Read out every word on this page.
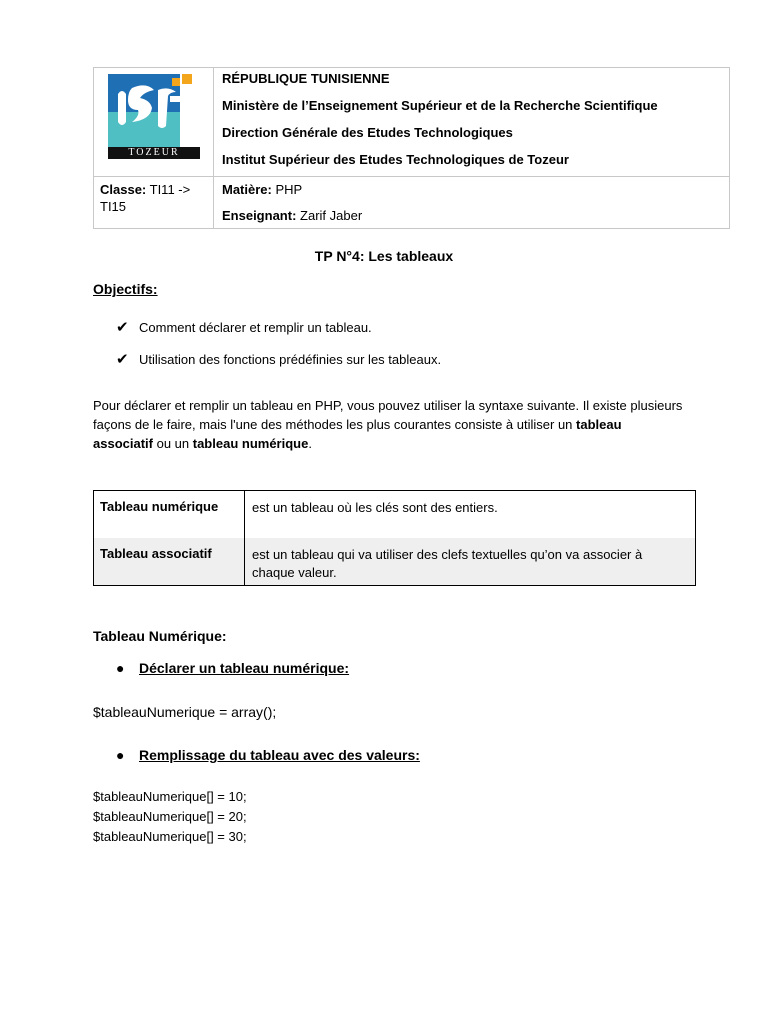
TOZEUR
RÉPUBLIQUE TUNISIENNE
Ministère de l’Enseignement Supérieur et de la Recherche Scientifique
Direction Générale des Etudes Technologiques
Institut Supérieur des Etudes Technologiques de Tozeur
Classe: TI11 -> TI15
Matière: PHP
Enseignant: Zarif Jaber
TP N°4: Les tableaux
Objectifs:
✔ Comment déclarer et remplir un tableau.
✔ Utilisation des fonctions prédéfinies sur les tableaux.
Pour déclarer et remplir un tableau en PHP, vous pouvez utiliser la syntaxe suivante. Il existe plusieurs façons de le faire, mais l'une des méthodes les plus courantes consiste à utiliser un tableau associatif ou un tableau numérique.
Tableau numérique	est un tableau où les clés sont des entiers.
Tableau associatif	est un tableau qui va utiliser des clefs textuelles qu’on va associer à chaque valeur.
Tableau Numérique:
● Déclarer un tableau numérique:
$tableauNumerique = array();
● Remplissage du tableau avec des valeurs:
$tableauNumerique[] = 10;
$tableauNumerique[] = 20;
$tableauNumerique[] = 30;
